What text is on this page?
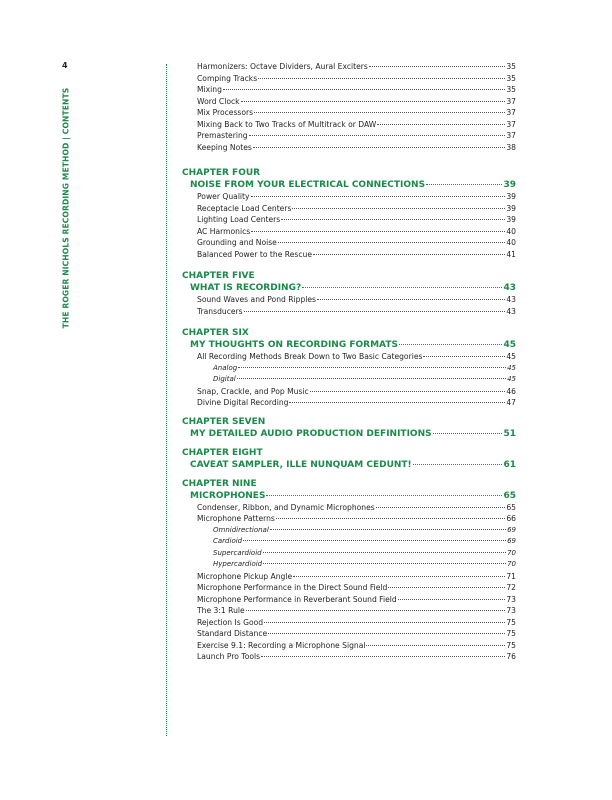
4
THE ROGER NICHOLS RECORDING METHOD | CONTENTS
Harmonizers: Octave Dividers, Aural Exciters	35
Comping Tracks	35
Mixing	35
Word Clock	37
Mix Processors	37
Mixing Back to Two Tracks of Multitrack or DAW	37
Premastering	37
Keeping Notes	38
CHAPTER FOUR
NOISE FROM YOUR ELECTRICAL CONNECTIONS	39
Power Quality	39
Receptacle Load Centers	39
Lighting Load Centers	39
AC Harmonics	40
Grounding and Noise	40
Balanced Power to the Rescue	41
CHAPTER FIVE
WHAT IS RECORDING?	43
Sound Waves and Pond Ripples	43
Transducers	43
CHAPTER SIX
MY THOUGHTS ON RECORDING FORMATS	45
All Recording Methods Break Down to Two Basic Categories	45
Analog	45
Digital	45
Snap, Crackle, and Pop Music	46
Divine Digital Recording	47
CHAPTER SEVEN
MY DETAILED AUDIO PRODUCTION DEFINITIONS	51
CHAPTER EIGHT
CAVEAT SAMPLER, ILLE NUNQUAM CEDUNT!	61
CHAPTER NINE
MICROPHONES	65
Condenser, Ribbon, and Dynamic Microphones	65
Microphone Patterns	66
Omnidirectional	69
Cardioid	69
Supercardioid	70
Hypercardioid	70
Microphone Pickup Angle	71
Microphone Performance in the Direct Sound Field	72
Microphone Performance in Reverberant Sound Field	73
The 3:1 Rule	73
Rejection Is Good	75
Standard Distance	75
Exercise 9.1: Recording a Microphone Signal	75
Launch Pro Tools	76
